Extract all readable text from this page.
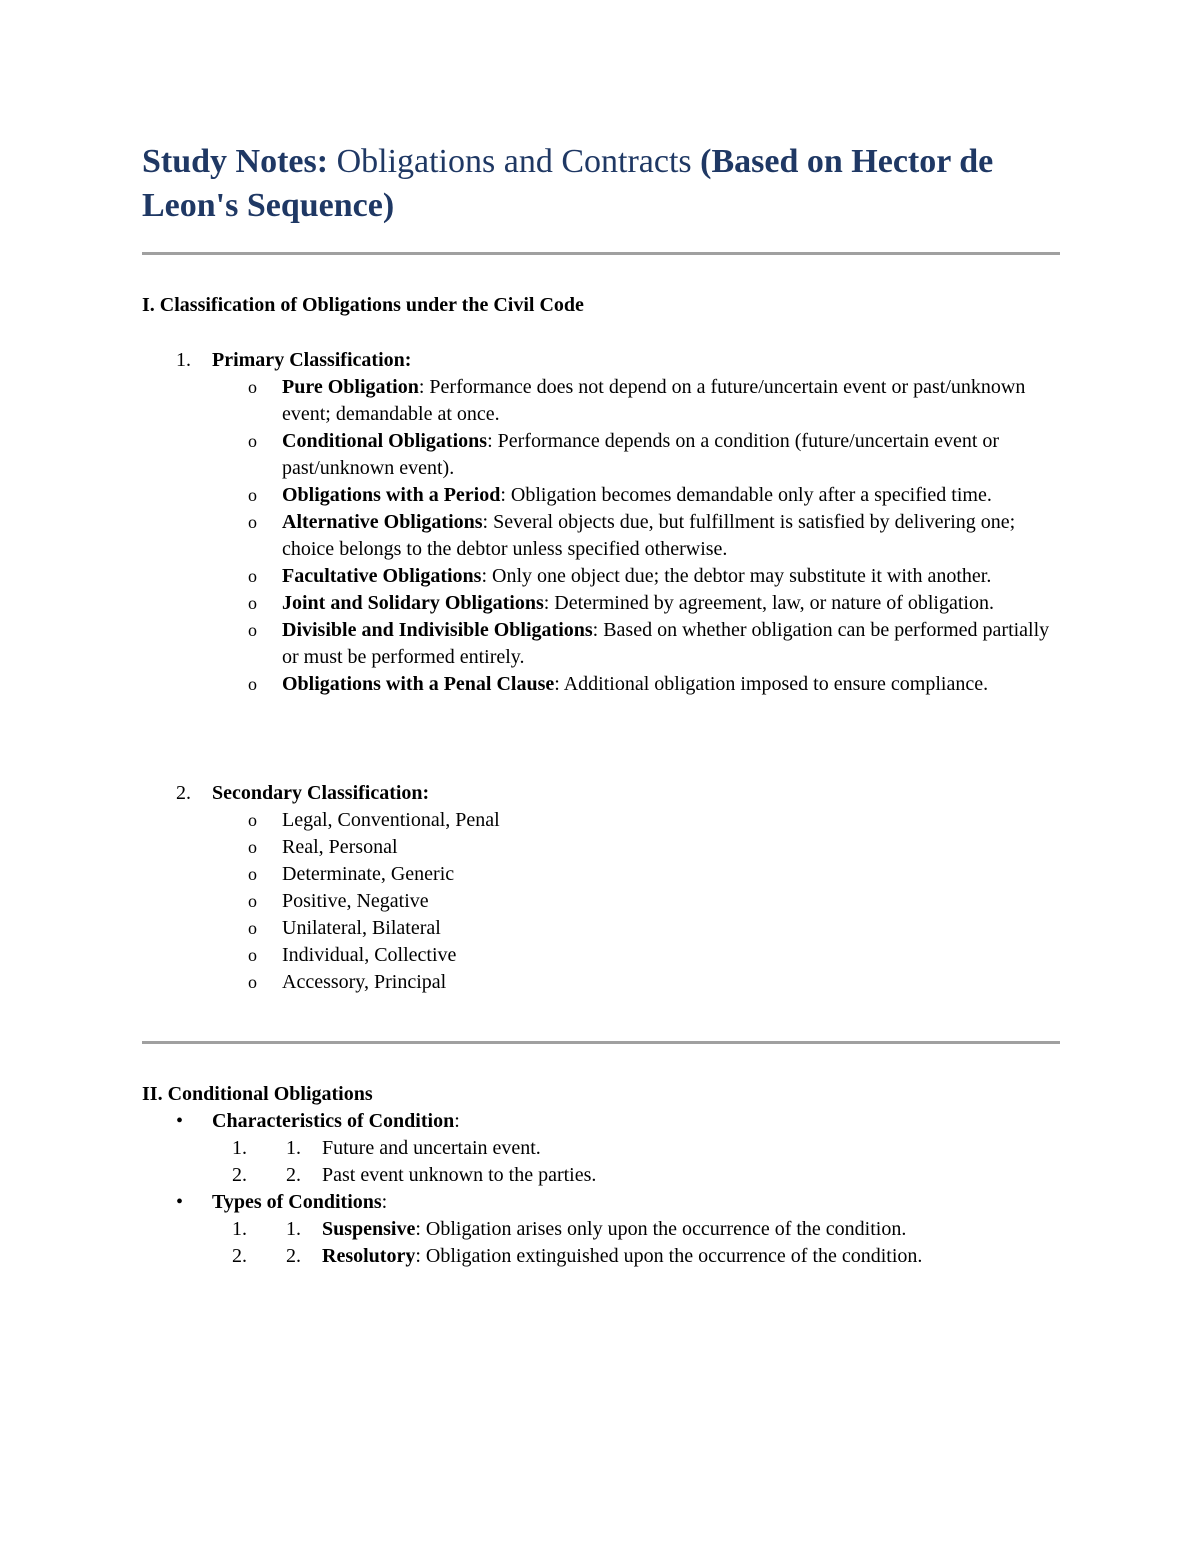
Study Notes: Obligations and Contracts (Based on Hector de Leon's Sequence)

I. Classification of Obligations under the Civil Code

1. Primary Classification:
o Pure Obligation: Performance does not depend on a future/uncertain event or past/unknown event; demandable at once.
o Conditional Obligations: Performance depends on a condition (future/uncertain event or past/unknown event).
o Obligations with a Period: Obligation becomes demandable only after a specified time.
o Alternative Obligations: Several objects due, but fulfillment is satisfied by delivering one; choice belongs to the debtor unless specified otherwise.
o Facultative Obligations: Only one object due; the debtor may substitute it with another.
o Joint and Solidary Obligations: Determined by agreement, law, or nature of obligation.
o Divisible and Indivisible Obligations: Based on whether obligation can be performed partially or must be performed entirely.
o Obligations with a Penal Clause: Additional obligation imposed to ensure compliance.
2. Secondary Classification:
o Legal, Conventional, Penal
o Real, Personal
o Determinate, Generic
o Positive, Negative
o Unilateral, Bilateral
o Individual, Collective
o Accessory, Principal

II. Conditional Obligations

• Characteristics of Condition:
1. 1. Future and uncertain event.
2. 2. Past event unknown to the parties.
• Types of Conditions:
1. 1. Suspensive: Obligation arises only upon the occurrence of the condition.
2. 2. Resolutory: Obligation extinguished upon the occurrence of the condition.
